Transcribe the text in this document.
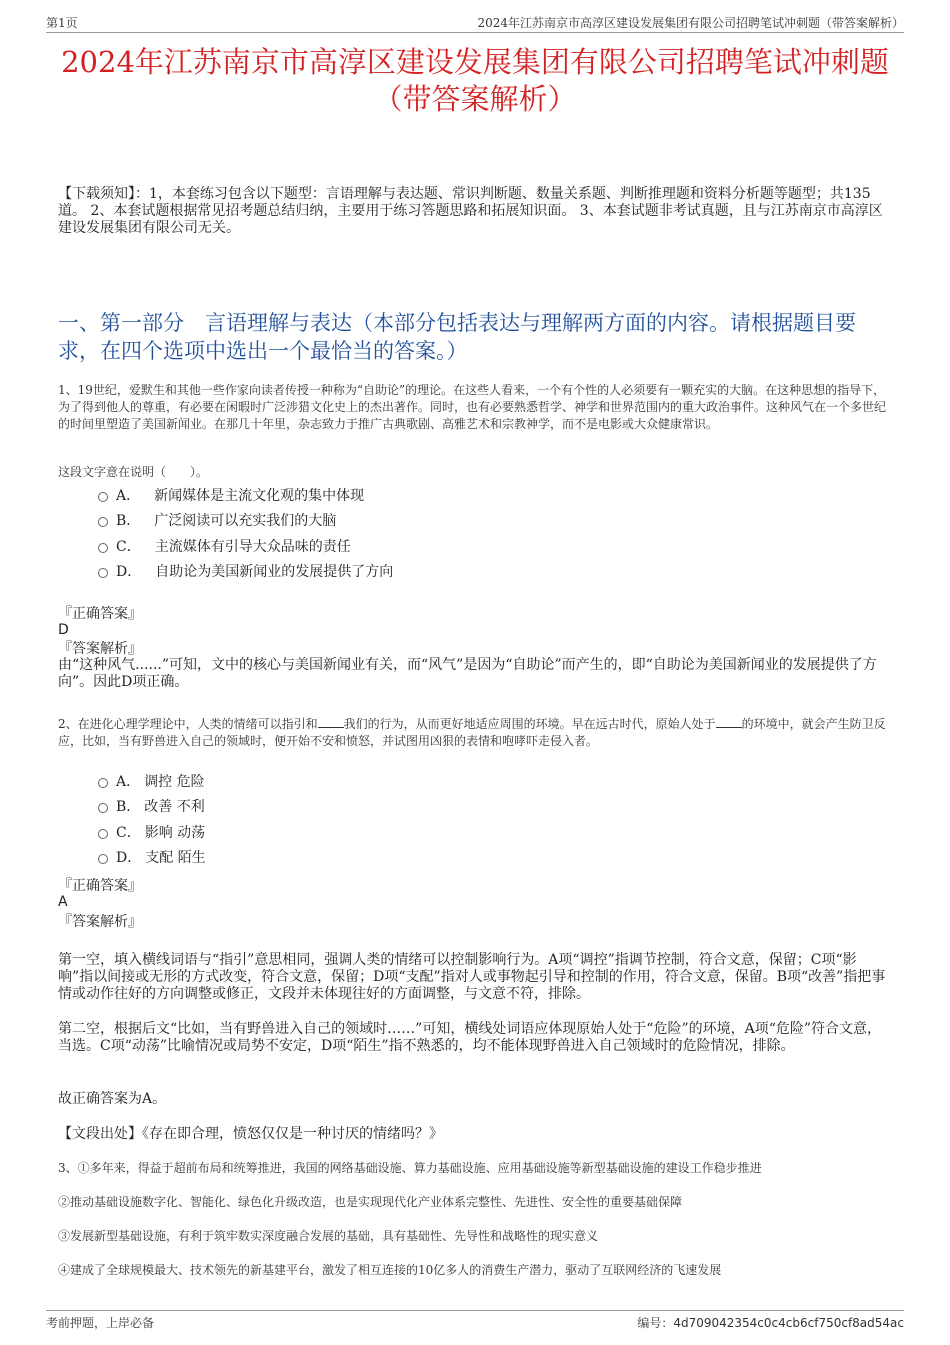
第1页	2024年江苏南京市高淳区建设发展集团有限公司招聘笔试冲刺题（带答案解析）
2024年江苏南京市高淳区建设发展集团有限公司招聘笔试冲刺题（带答案解析）
【下载须知】：1，本套练习包含以下题型：言语理解与表达题、常识判断题、数量关系题、判断推理题和资料分析题等题型；共135道。 2、本套试题根据常见招考题总结归纳，主要用于练习答题思路和拓展知识面。 3、本套试题非考试真题，且与江苏南京市高淳区建设发展集团有限公司无关。
一、第一部分　言语理解与表达（本部分包括表达与理解两方面的内容。请根据题目要求，在四个选项中选出一个最恰当的答案。）
1、19世纪，爱默生和其他一些作家向读者传授一种称为“自助论”的理论。在这些人看来，一个有个性的人必须要有一颗充实的大脑。在这种思想的指导下，为了得到他人的尊重，有必要在闲暇时广泛涉猎文化史上的杰出著作。同时，也有必要熟悉哲学、神学和世界范围内的重大政治事件。这种风气在一个多世纪的时间里塑造了美国新闻业。在那几十年里，杂志致力于推广古典歌剧、高雅艺术和宗教神学，而不是电影或大众健康常识。
这段文字意在说明（　　）。
A． 新闻媒体是主流文化观的集中体现
B． 广泛阅读可以充实我们的大脑
C． 主流媒体有引导大众品味的责任
D． 自助论为美国新闻业的发展提供了方向
『正确答案』
D
『答案解析』
由“这种风气......”可知，文中的核心与美国新闻业有关，而“风气”是因为“自助论”而产生的，即“自助论为美国新闻业的发展提供了方向”。因此D项正确。
2、在进化心理学理论中，人类的情绪可以指引和 我们的行为，从而更好地适应周围的环境。早在远古时代，原始人处于 的环境中，就会产生防卫反应，比如，当有野兽进入自己的领域时，便开始不安和愤怒，并试图用凶狠的表情和咆哮吓走侵入者。
A． 调控 危险
B． 改善 不利
C． 影响 动荡
D． 支配 陌生
『正确答案』
A
『答案解析』
第一空，填入横线词语与“指引”意思相同，强调人类的情绪可以控制影响行为。A项“调控”指调节控制，符合文意，保留；C项“影响”指以间接或无形的方式改变，符合文意，保留；D项“支配”指对人或事物起引导和控制的作用，符合文意，保留。B项“改善”指把事情或动作往好的方向调整或修正，文段并未体现往好的方面调整，与文意不符，排除。
第二空，根据后文“比如，当有野兽进入自己的领域时……”可知，横线处词语应体现原始人处于“危险”的环境，A项“危险”符合文意，当选。C项“动荡”比喻情况或局势不安定，D项“陌生”指不熟悉的，均不能体现野兽进入自己领域时的危险情况，排除。
故正确答案为A。
【文段出处】《存在即合理，愤怒仅仅是一种讨厌的情绪吗？》
3、①多年来，得益于超前布局和统筹推进，我国的网络基础设施、算力基础设施、应用基础设施等新型基础设施的建设工作稳步推进
②推动基础设施数字化、智能化、绿色化升级改造，也是实现现代化产业体系完整性、先进性、安全性的重要基础保障
③发展新型基础设施，有利于筑牢数实深度融合发展的基础，具有基础性、先导性和战略性的现实意义
④建成了全球规模最大、技术领先的新基建平台，激发了相互连接的10亿多人的消费生产潜力，驱动了互联网经济的飞速发展
考前押题，上岸必备	编号：4d709042354c0c4cb6cf750cf8ad54ac
